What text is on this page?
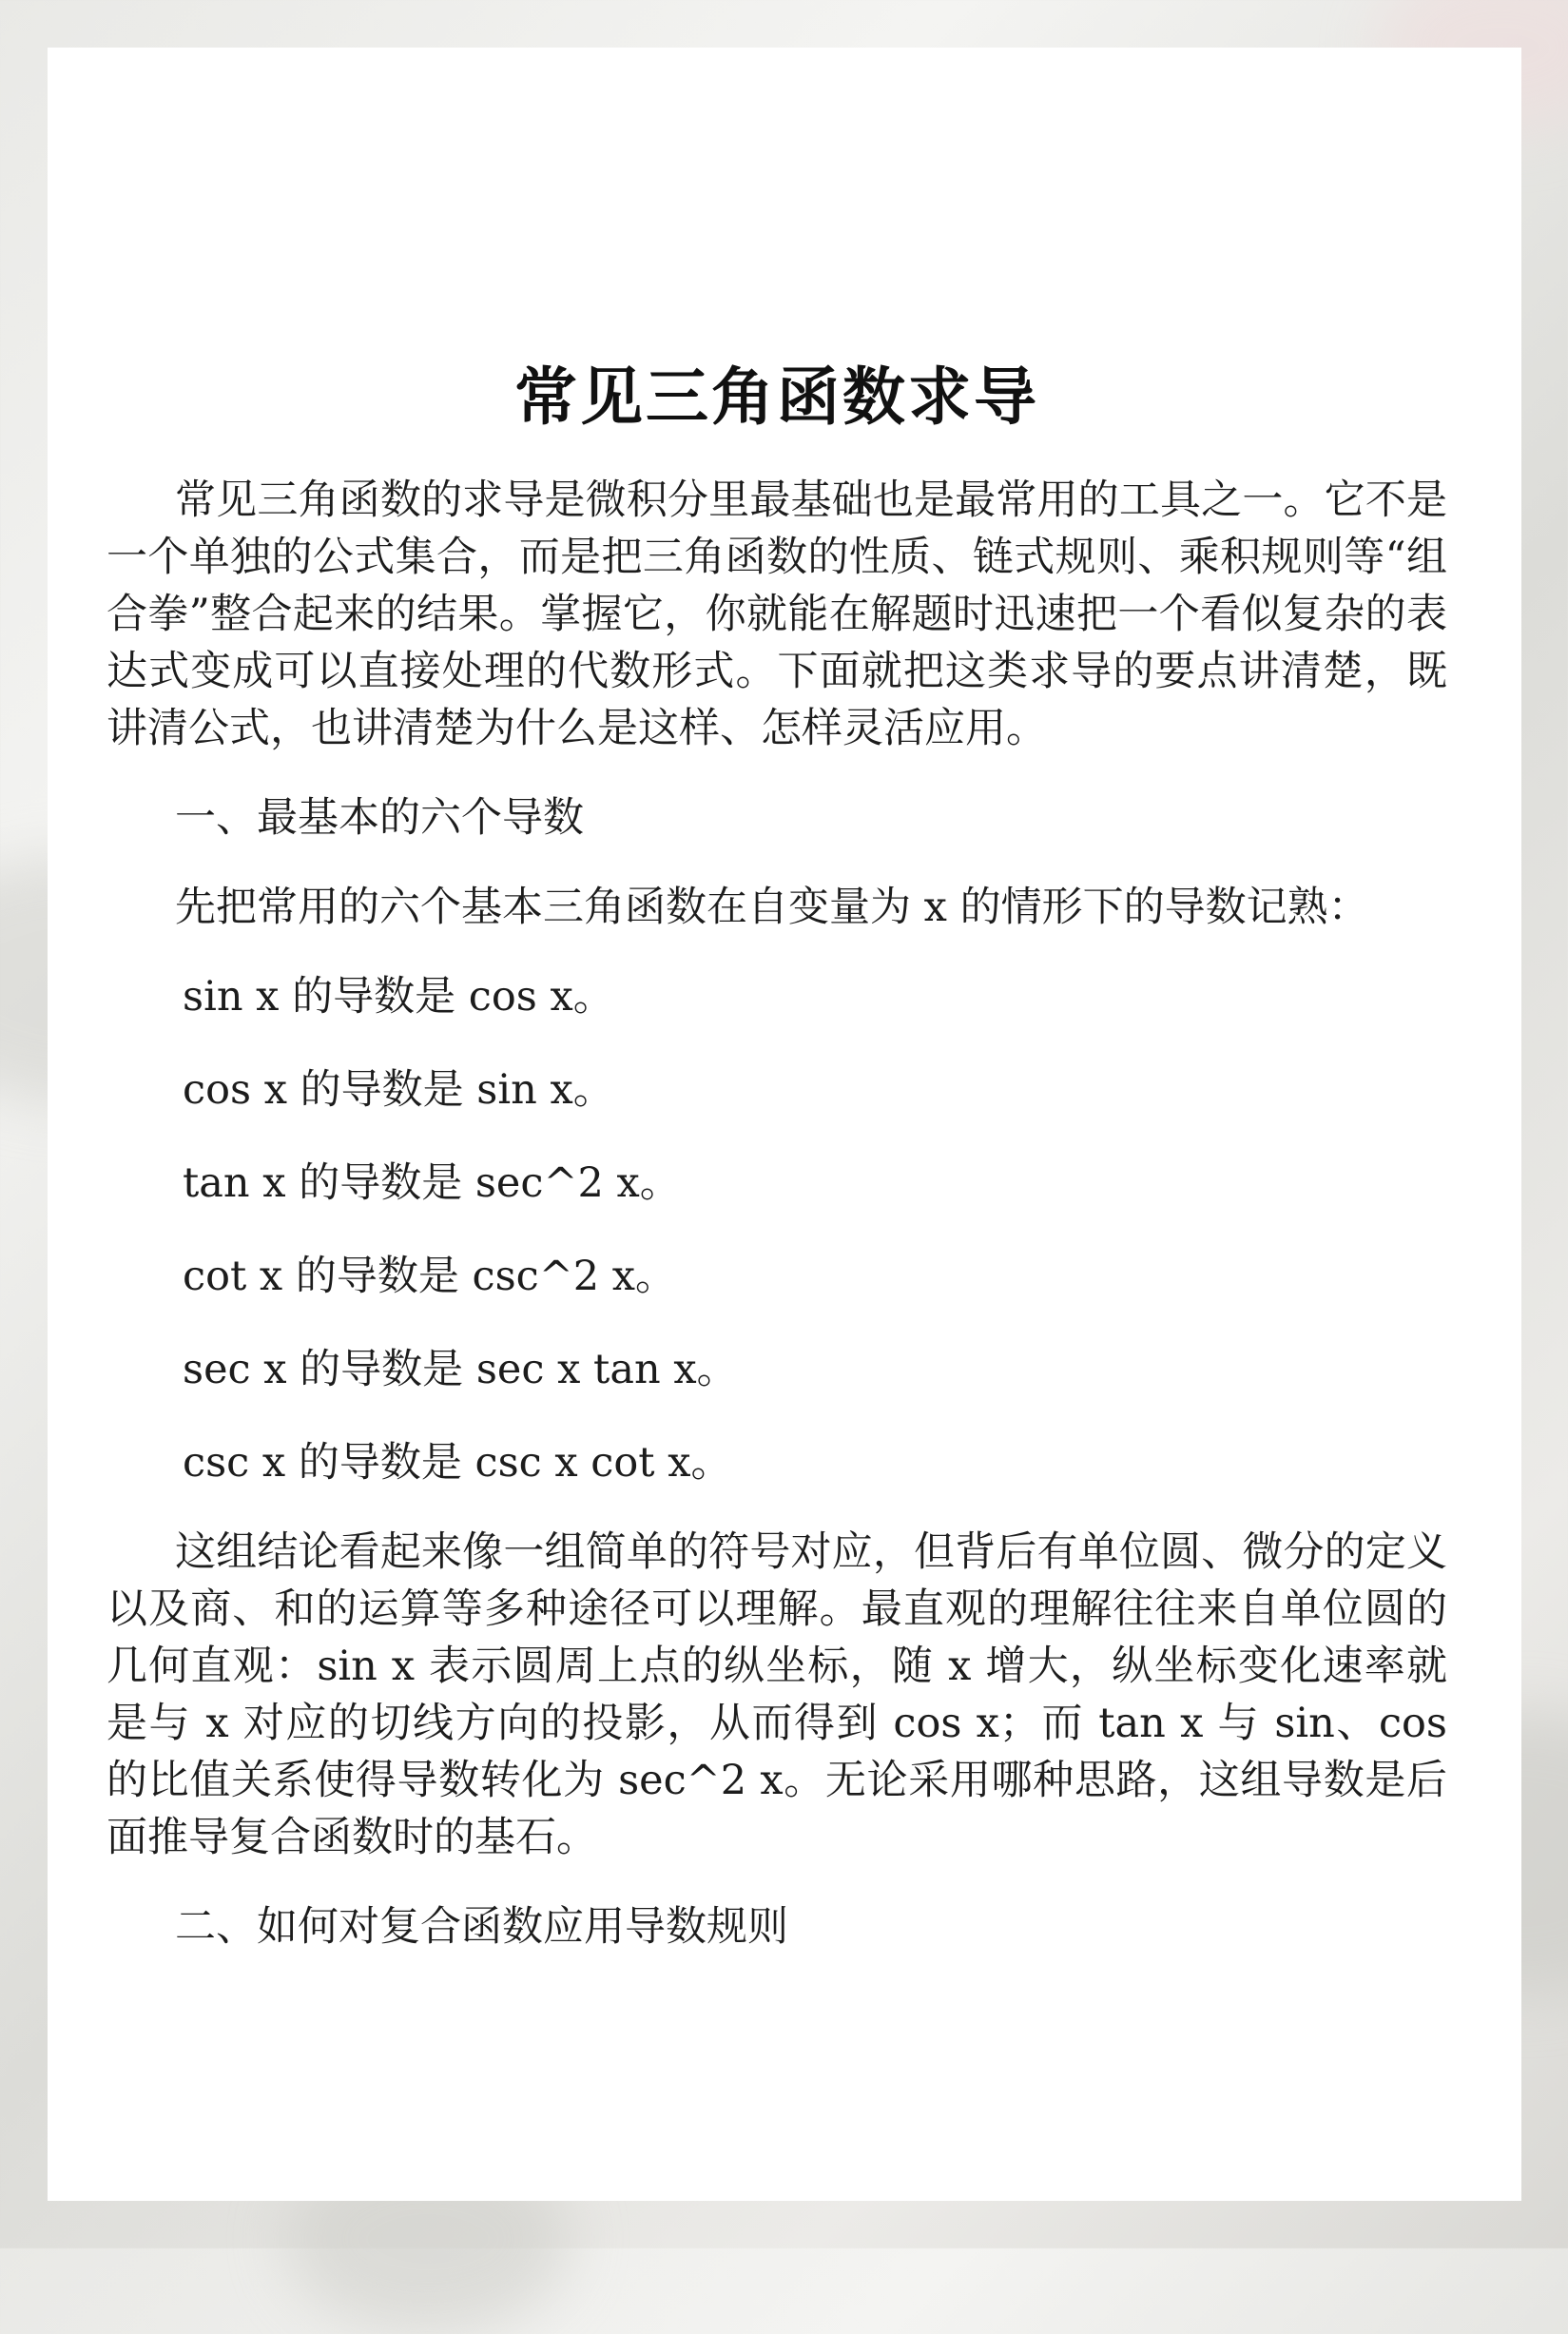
常见三角函数求导

常见三角函数的求导是微积分里最基础也是最常用的工具之一。它不是一个单独的公式集合，而是把三角函数的性质、链式规则、乘积规则等“组合拳”整合起来的结果。掌握它，你就能在解题时迅速把一个看似复杂的表达式变成可以直接处理的代数形式。下面就把这类求导的要点讲清楚，既讲清公式，也讲清楚为什么是这样、怎样灵活应用。

一、最基本的六个导数

先把常用的六个基本三角函数在自变量为 x 的情形下的导数记熟：

sin x 的导数是 cos x。
cos x 的导数是 sin x。
tan x 的导数是 sec^2 x。
cot x 的导数是 csc^2 x。
sec x 的导数是 sec x tan x。
csc x 的导数是 csc x cot x。

这组结论看起来像一组简单的符号对应，但背后有单位圆、微分的定义以及商、和的运算等多种途径可以理解。最直观的理解往往来自单位圆的几何直观：sin x 表示圆周上点的纵坐标，随 x 增大，纵坐标变化速率就是与 x 对应的切线方向的投影，从而得到 cos x；而 tan x 与 sin、cos 的比值关系使得导数转化为 sec^2 x。无论采用哪种思路，这组导数是后面推导复合函数时的基石。

二、如何对复合函数应用导数规则
